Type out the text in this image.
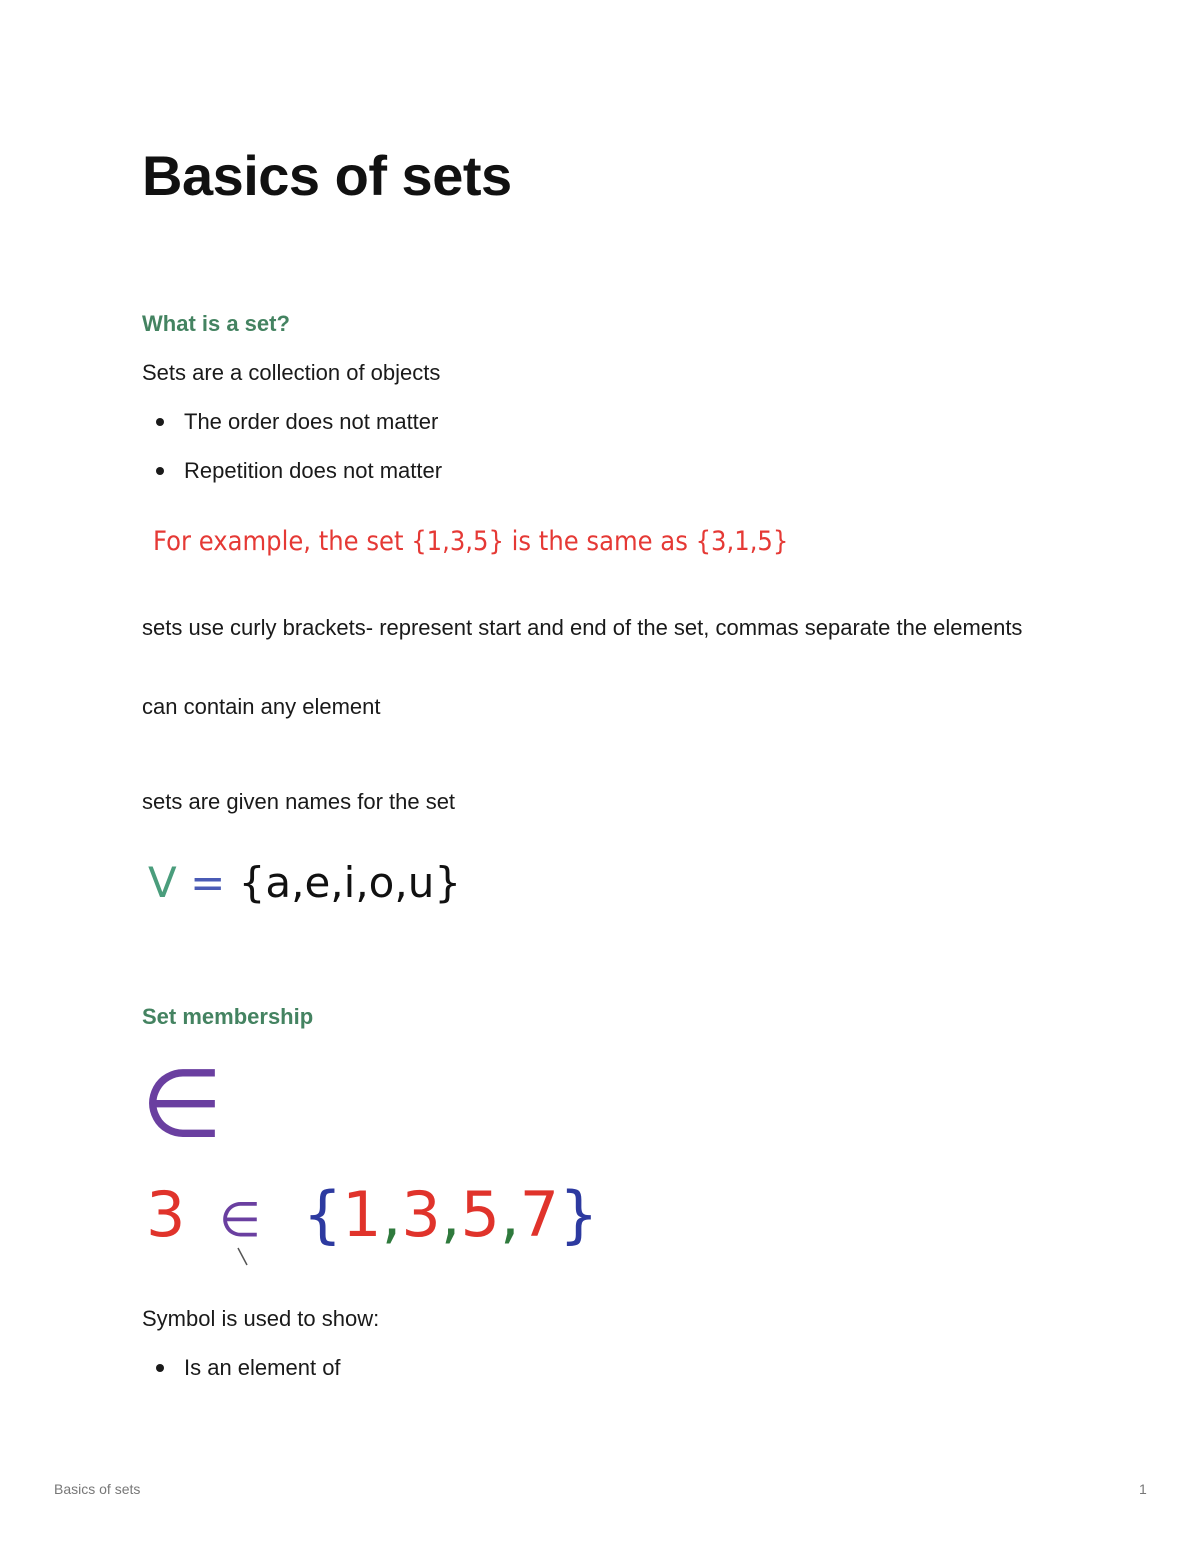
Basics of sets
What is a set?
Sets are a collection of objects
The order does not matter
Repetition does not matter
For example, the set {1,3,5} is the same as {3,1,5}
sets use curly brackets- represent start and end of the set, commas separate the elements
can contain any element
sets are given names for the set
V = {a,e,i,o,u}
Set membership
∈
3 ∈ {1,3,5,7}
Symbol is used to show:
Is an element of
Basics of sets	1
